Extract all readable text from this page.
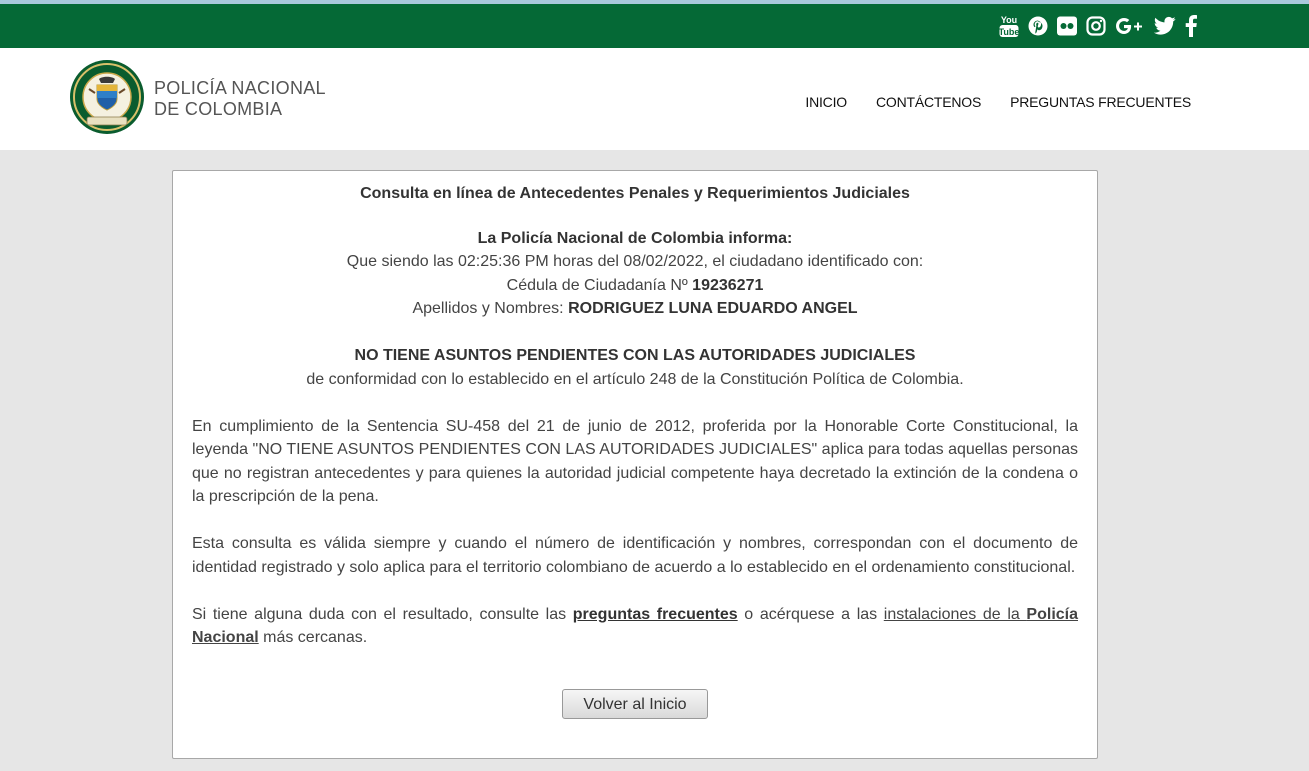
You
Tube
POLICÍA NACIONAL
DE COLOMBIA	INICIO CONTÁCTENOS PREGUNTAS FRECUENTES
Consulta en línea de Antecedentes Penales y Requerimientos Judiciales
La Policía Nacional de Colombia informa:
Que siendo las 02:25:36 PM horas del 08/02/2022, el ciudadano identificado con:
Cédula de Ciudadanía Nº 19236271
Apellidos y Nombres: RODRIGUEZ LUNA EDUARDO ANGEL
NO TIENE ASUNTOS PENDIENTES CON LAS AUTORIDADES JUDICIALES
de conformidad con lo establecido en el artículo 248 de la Constitución Política de Colombia.
En cumplimiento de la Sentencia SU-458 del 21 de junio de 2012, proferida por la Honorable Corte Constitucional, la leyenda "NO TIENE ASUNTOS PENDIENTES CON LAS AUTORIDADES JUDICIALES" aplica para todas aquellas personas que no registran antecedentes y para quienes la autoridad judicial competente haya decretado la extinción de la condena o la prescripción de la pena.
Esta consulta es válida siempre y cuando el número de identificación y nombres, correspondan con el documento de identidad registrado y solo aplica para el territorio colombiano de acuerdo a lo establecido en el ordenamiento constitucional.
Si tiene alguna duda con el resultado, consulte las preguntas frecuentes o acérquese a las instalaciones de la Policía Nacional más cercanas.
Volver al Inicio
